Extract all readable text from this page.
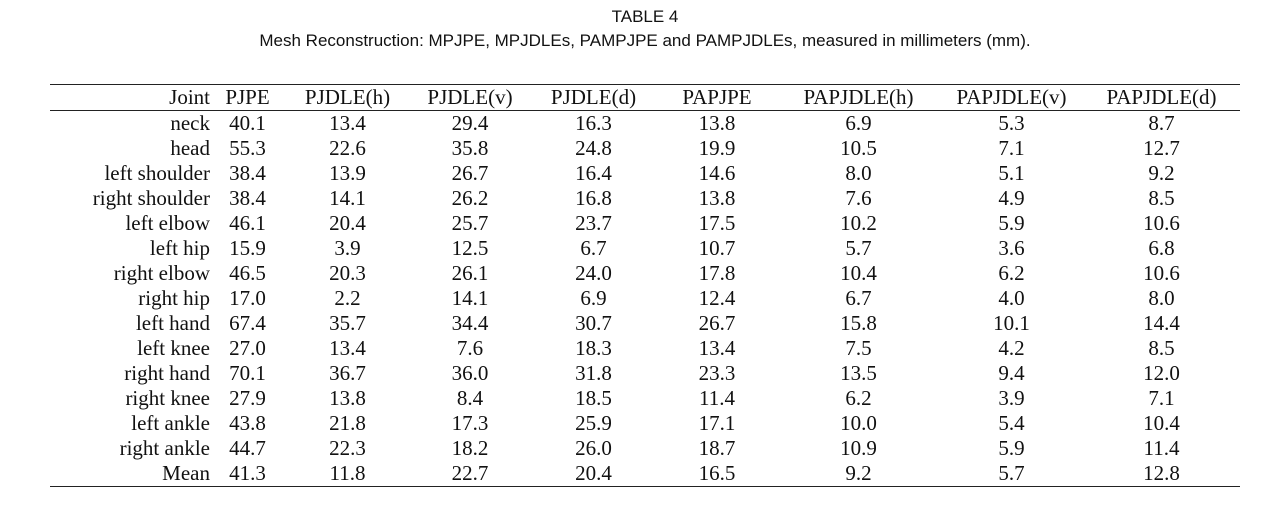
TABLE 4
Mesh Reconstruction: MPJPE, MPJDLEs, PAMPJPE and PAMPJDLEs, measured in millimeters (mm).
Joint	PJPE	PJDLE(h)	PJDLE(v)	PJDLE(d)	PAPJPE	PAPJDLE(h)	PAPJDLE(v)	PAPJDLE(d)
neck	40.1	13.4	29.4	16.3	13.8	6.9	5.3	8.7
head	55.3	22.6	35.8	24.8	19.9	10.5	7.1	12.7
left shoulder	38.4	13.9	26.7	16.4	14.6	8.0	5.1	9.2
right shoulder	38.4	14.1	26.2	16.8	13.8	7.6	4.9	8.5
left elbow	46.1	20.4	25.7	23.7	17.5	10.2	5.9	10.6
left hip	15.9	3.9	12.5	6.7	10.7	5.7	3.6	6.8
right elbow	46.5	20.3	26.1	24.0	17.8	10.4	6.2	10.6
right hip	17.0	2.2	14.1	6.9	12.4	6.7	4.0	8.0
left hand	67.4	35.7	34.4	30.7	26.7	15.8	10.1	14.4
left knee	27.0	13.4	7.6	18.3	13.4	7.5	4.2	8.5
right hand	70.1	36.7	36.0	31.8	23.3	13.5	9.4	12.0
right knee	27.9	13.8	8.4	18.5	11.4	6.2	3.9	7.1
left ankle	43.8	21.8	17.3	25.9	17.1	10.0	5.4	10.4
right ankle	44.7	22.3	18.2	26.0	18.7	10.9	5.9	11.4
Mean	41.3	11.8	22.7	20.4	16.5	9.2	5.7	12.8
